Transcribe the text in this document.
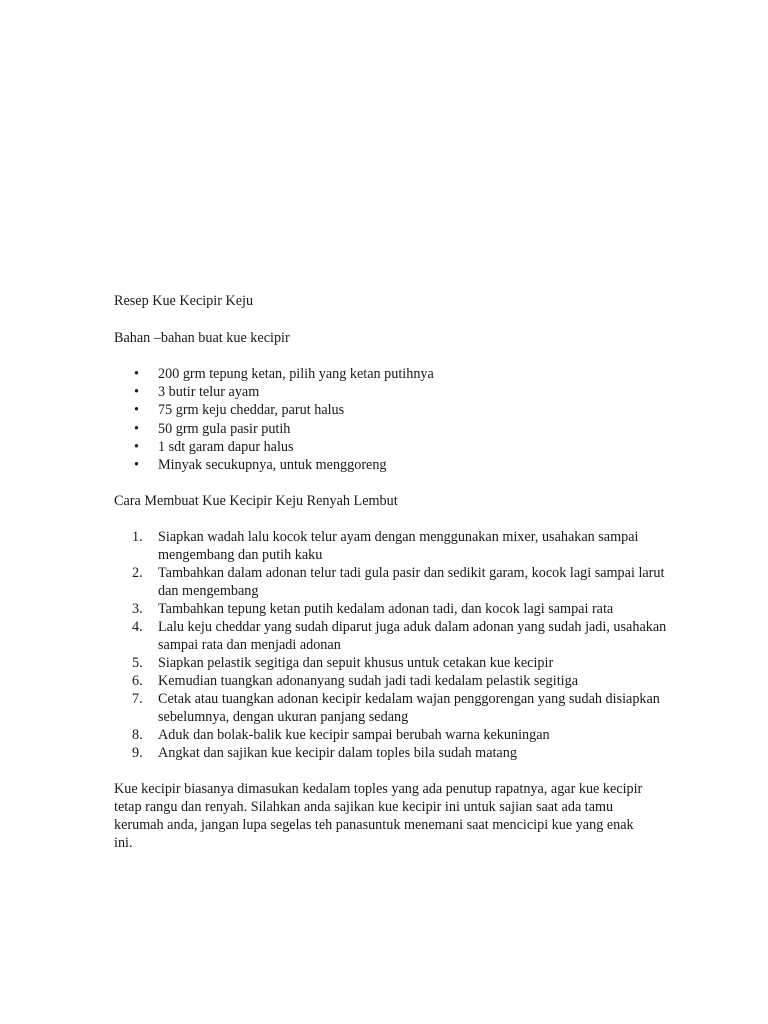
Resep Kue Kecipir Keju

Bahan –bahan buat kue kecipir

• 200 grm tepung ketan, pilih yang ketan putihnya
• 3 butir telur ayam
• 75 grm keju cheddar, parut halus
• 50 grm gula pasir putih
• 1 sdt garam dapur halus
• Minyak secukupnya, untuk menggoreng

Cara Membuat Kue Kecipir Keju Renyah Lembut

1. Siapkan wadah lalu kocok telur ayam dengan menggunakan mixer, usahakan sampai mengembang dan putih kaku
2. Tambahkan dalam adonan telur tadi gula pasir dan sedikit garam, kocok lagi sampai larut dan mengembang
3. Tambahkan tepung ketan putih kedalam adonan tadi, dan kocok lagi sampai rata
4. Lalu keju cheddar yang sudah diparut juga aduk dalam adonan yang sudah jadi, usahakan sampai rata dan menjadi adonan
5. Siapkan pelastik segitiga dan sepuit khusus untuk cetakan kue kecipir
6. Kemudian tuangkan adonanyang sudah jadi tadi kedalam pelastik segitiga
7. Cetak atau tuangkan adonan kecipir kedalam wajan penggorengan yang sudah disiapkan sebelumnya, dengan ukuran panjang sedang
8. Aduk dan bolak-balik kue kecipir sampai berubah warna kekuningan
9. Angkat dan sajikan kue kecipir dalam toples bila sudah matang

Kue kecipir biasanya dimasukan kedalam toples yang ada penutup rapatnya, agar kue kecipir tetap rangu dan renyah. Silahkan anda sajikan kue kecipir ini untuk sajian saat ada tamu kerumah anda, jangan lupa segelas teh panasuntuk menemani saat mencicipi kue yang enak ini.
